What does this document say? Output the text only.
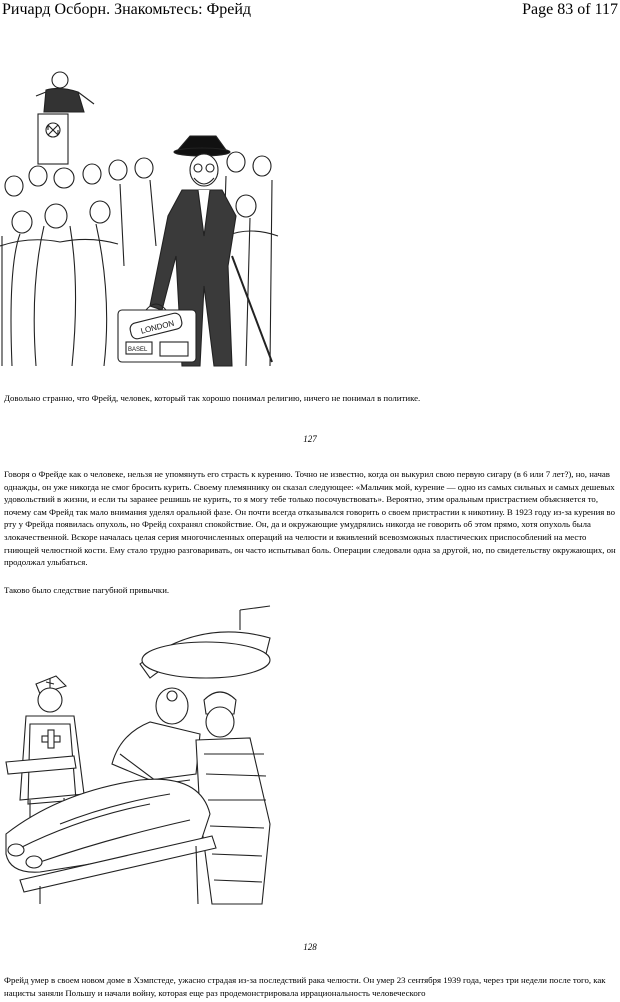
Ричард Осборн. Знакомьтесь: Фрейд	Page 83 of 117
LONDON
BASEL

Довольно странно, что Фрейд, человек, который так хорошо понимал религию, ничего не понимал в политике.

127

Говоря о Фрейде как о человеке, нельзя не упомянуть его страсть к курению. Точно не известно, когда он выкурил свою первую сигару (в 6 или 7 лет?), но, начав однажды, он уже никогда не смог бросить курить. Своему племяннику он сказал следующее: «Мальчик мой, курение — одно из самых сильных и самых дешевых удовольствий в жизни, и если ты заранее решишь не курить, то я могу тебе только посочувствовать». Вероятно, этим оральным пристрастием объясняется то, почему сам Фрейд так мало внимания уделял оральной фазе. Он почти всегда отказывался говорить о своем пристрастии к никотину. В 1923 году из-за курения во рту у Фрейда появилась опухоль, но Фрейд сохранял спокойствие. Он, да и окружающие умудрялись никогда не говорить об этом прямо, хотя опухоль была злокачественной. Вскоре началась целая серия многочисленных операций на челюсти и вживлений всевозможных пластических приспособлений на место гниющей челюстной кости. Ему стало трудно разговаривать, он часто испытывал боль. Операции следовали одна за другой, но, по свидетельству окружающих, он продолжал улыбаться.

Таково было следствие пагубной привычки.

128

Фрейд умер в своем новом доме в Хэмпстеде, ужасно страдая из-за последствий рака челюсти. Он умер 23 сентября 1939 года, через три недели после того, как нацисты заняли Польшу и начали войну, которая еще раз продемонстрировала иррациональность человеческого
